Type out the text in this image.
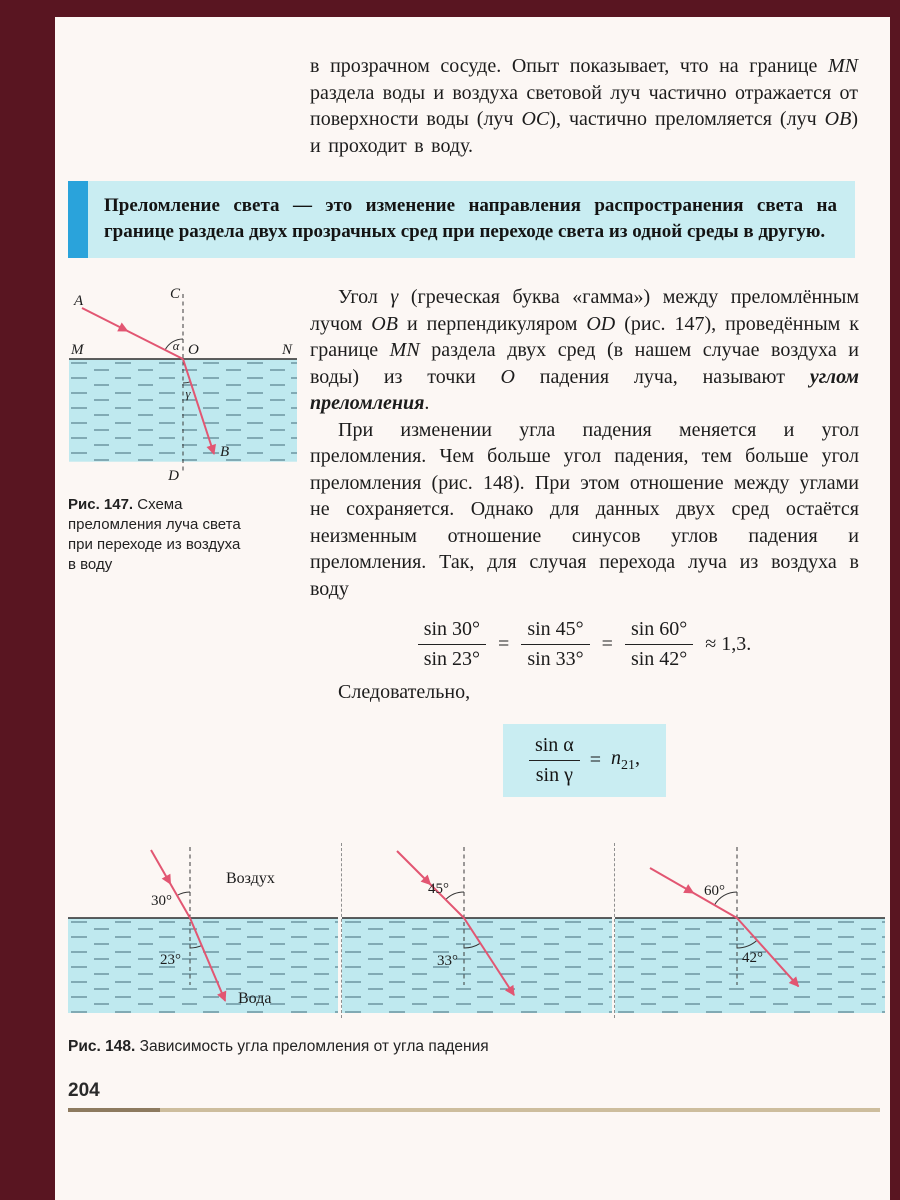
в прозрачном сосуде. Опыт показывает, что на границе MN раздела воды и воздуха световой луч частично отражается от поверхности воды (луч OC), частично преломляется (луч OB) и проходит в воду.

Преломление света — это изменение направления распространения света на границе раздела двух прозрачных сред при переходе света из одной среды в другую.
A	C
M	N
O
α
γ
B
D

Рис. 147. Схема преломления луча света при переходе из воздуха в воду

Угол γ (греческая буква «гамма») между преломлённым лучом OB и перпендикуляром OD (рис. 147), проведённым к границе MN раздела двух сред (в нашем случае воздуха и воды) из точки O падения луча, называют углом преломления.

При изменении угла падения меняется и угол преломления. Чем больше угол падения, тем больше угол преломления (рис. 148). При этом отношение между углами не сохраняется. Однако для данных двух сред остаётся неизменным отношение синусов углов падения и преломления. Так, для случая перехода луча из воздуха в воду

$\frac{\sin 30^\circ}{\sin 23^\circ} = \frac{\sin 45^\circ}{\sin 33^\circ} = \frac{\sin 60^\circ}{\sin 42^\circ} \approx 1,3$.

Следовательно,

$\frac{\text{sin α}}{\text{sin γ}} = n_{21}$,
30°
23°
Воздух
Вода
45°
33°
60°
42°

Рис. 148. Зависимость угла преломления от угла падения

204
